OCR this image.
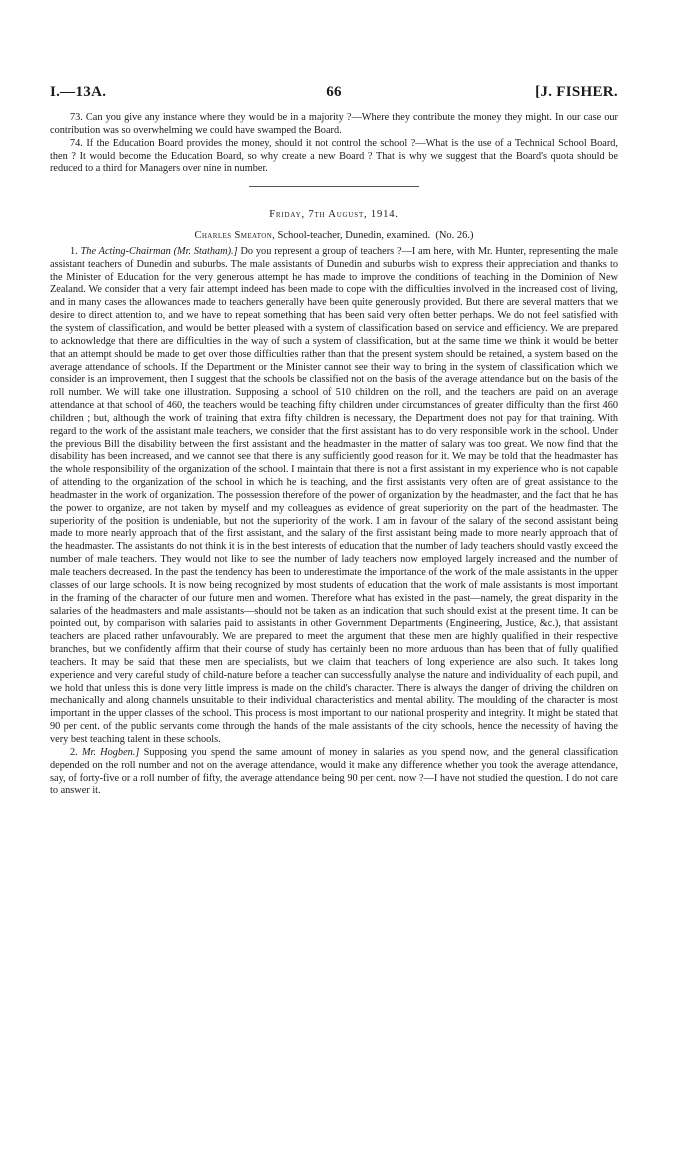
I.—13A.	66	[J. FISHER.

73. Can you give any instance where they would be in a majority ?—Where they contribute the money they might. In our case our contribution was so overwhelming we could have swamped the Board.

74. If the Education Board provides the money, should it not control the school ?—What is the use of a Technical School Board, then ? It would become the Education Board, so why create a new Board ? That is why we suggest that the Board's quota should be reduced to a third for Managers over nine in number.

Friday, 7th August, 1914.

Charles Smeaton, School-teacher, Dunedin, examined. (No. 26.)

1. The Acting-Chairman (Mr. Statham).] Do you represent a group of teachers ?—I am here, with Mr. Hunter, representing the male assistant teachers of Dunedin and suburbs. The male assistants of Dunedin and suburbs wish to express their appreciation and thanks to the Minister of Education for the very generous attempt he has made to improve the conditions of teaching in the Dominion of New Zealand. We consider that a very fair attempt indeed has been made to cope with the difficulties involved in the increased cost of living, and in many cases the allowances made to teachers generally have been quite generously provided. But there are several matters that we desire to direct attention to, and we have to repeat something that has been said very often better perhaps. We do not feel satisfied with the system of classification, and would be better pleased with a system of classification based on service and efficiency. We are prepared to acknowledge that there are difficulties in the way of such a system of classification, but at the same time we think it would be better that an attempt should be made to get over those difficulties rather than that the present system should be retained, a system based on the average attendance of schools. If the Department or the Minister cannot see their way to bring in the system of classification which we consider is an improvement, then I suggest that the schools be classified not on the basis of the average attendance but on the basis of the roll number. We will take one illustration. Supposing a school of 510 children on the roll, and the teachers are paid on an average attendance at that school of 460, the teachers would be teaching fifty children under circumstances of greater difficulty than the first 460 children ; but, although the work of training that extra fifty children is necessary, the Department does not pay for that training. With regard to the work of the assistant male teachers, we consider that the first assistant has to do very responsible work in the school. Under the previous Bill the disability between the first assistant and the headmaster in the matter of salary was too great. We now find that the disability has been increased, and we cannot see that there is any sufficiently good reason for it. We may be told that the headmaster has the whole responsibility of the organization of the school. I maintain that there is not a first assistant in my experience who is not capable of attending to the organization of the school in which he is teaching, and the first assistants very often are of great assistance to the headmaster in the work of organization. The possession therefore of the power of organization by the headmaster, and the fact that he has the power to organize, are not taken by myself and my colleagues as evidence of great superiority on the part of the headmaster. The superiority of the position is undeniable, but not the superiority of the work. I am in favour of the salary of the second assistant being made to more nearly approach that of the first assistant, and the salary of the first assistant being made to more nearly approach that of the headmaster. The assistants do not think it is in the best interests of education that the number of lady teachers should vastly exceed the number of male teachers. They would not like to see the number of lady teachers now employed largely increased and the number of male teachers decreased. In the past the tendency has been to underestimate the importance of the work of the male assistants in the upper classes of our large schools. It is now being recognized by most students of education that the work of male assistants is most important in the framing of the character of our future men and women. Therefore what has existed in the past—namely, the great disparity in the salaries of the headmasters and male assistants—should not be taken as an indication that such should exist at the present time. It can be pointed out, by comparison with salaries paid to assistants in other Government Departments (Engineering, Justice, &c.), that assistant teachers are placed rather unfavourably. We are prepared to meet the argument that these men are highly qualified in their respective branches, but we confidently affirm that their course of study has certainly been no more arduous than has been that of fully qualified teachers. It may be said that these men are specialists, but we claim that teachers of long experience are also such. It takes long experience and very careful study of child-nature before a teacher can successfully analyse the nature and individuality of each pupil, and we hold that unless this is done very little impress is made on the child's character. There is always the danger of driving the children on mechanically and along channels unsuitable to their individual characteristics and mental ability. The moulding of the character is most important in the upper classes of the school. This process is most important to our national prosperity and integrity. It might be stated that 90 per cent. of the public servants come through the hands of the male assistants of the city schools, hence the necessity of having the very best teaching talent in these schools.

2. Mr. Hogben.] Supposing you spend the same amount of money in salaries as you spend now, and the general classification depended on the roll number and not on the average attendance, would it make any difference whether you took the average attendance, say, of forty-five or a roll number of fifty, the average attendance being 90 per cent. now ?—I have not studied the question. I do not care to answer it.
